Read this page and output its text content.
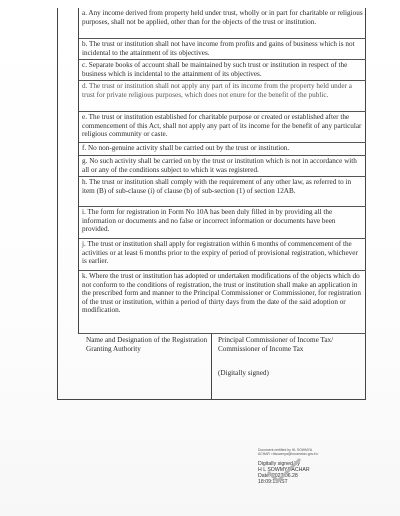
a. Any income derived from property held under trust, wholly or in part for charitable or religious purposes, shall not be applied, other than for the objects of the trust or institution.
b. The trust or institution shall not have income from profits and gains of business which is not incidental to the attainment of its objectives.
c. Separate books of account shall be maintained by such trust or institution in respect of the business which is incidental to the attainment of its objectives.
d. The trust or institution shall not apply any part of its income from the property held under a trust for private religious purposes, which does not enure for the benefit of the public.
e. The trust or institution established for charitable purpose or created or established after the commencement of this Act, shall not apply any part of its income for the benefit of any particular religious community or caste.
f. No non-genuine activity shall be carried out by the trust or institution.
g. No such activity shall be carried on by the trust or institution which is not in accordance with all or any of the conditions subject to which it was registered.
h. The trust or institution shall comply with the requirement of any other law, as referred to in item (B) of sub-clause (i) of clause (b) of sub-section (1) of section 12AB.
i. The form for registration in Form No 10A has been duly filled in by providing all the information or documents and no false or incorrect information or documents have been provided.
j. The trust or institution shall apply for registration within 6 months of commencement of the activities or at least 6 months prior to the expiry of period of provisional registration, whichever is earlier.
k. Where the trust or institution has adopted or undertaken modifications of the objects which do not conform to the conditions of registration, the trust or institution shall make an application in the prescribed form and manner to the Principal Commissioner or Commissioner, for registration of the trust or institution, within a period of thirty days from the date of the said adoption or modification.
Name and Designation of the Registration Granting Authority
Principal Commissioner of Income Tax/ Commissioner of Income Tax
(Digitally signed)
Document certified by HL SOWMYA
ACHAR <hlsowmya@incometax.gov.in>
Digitally signed by
H L SOWMYA ACHAR
Date: 2023.06.28
18:09:19 IST
